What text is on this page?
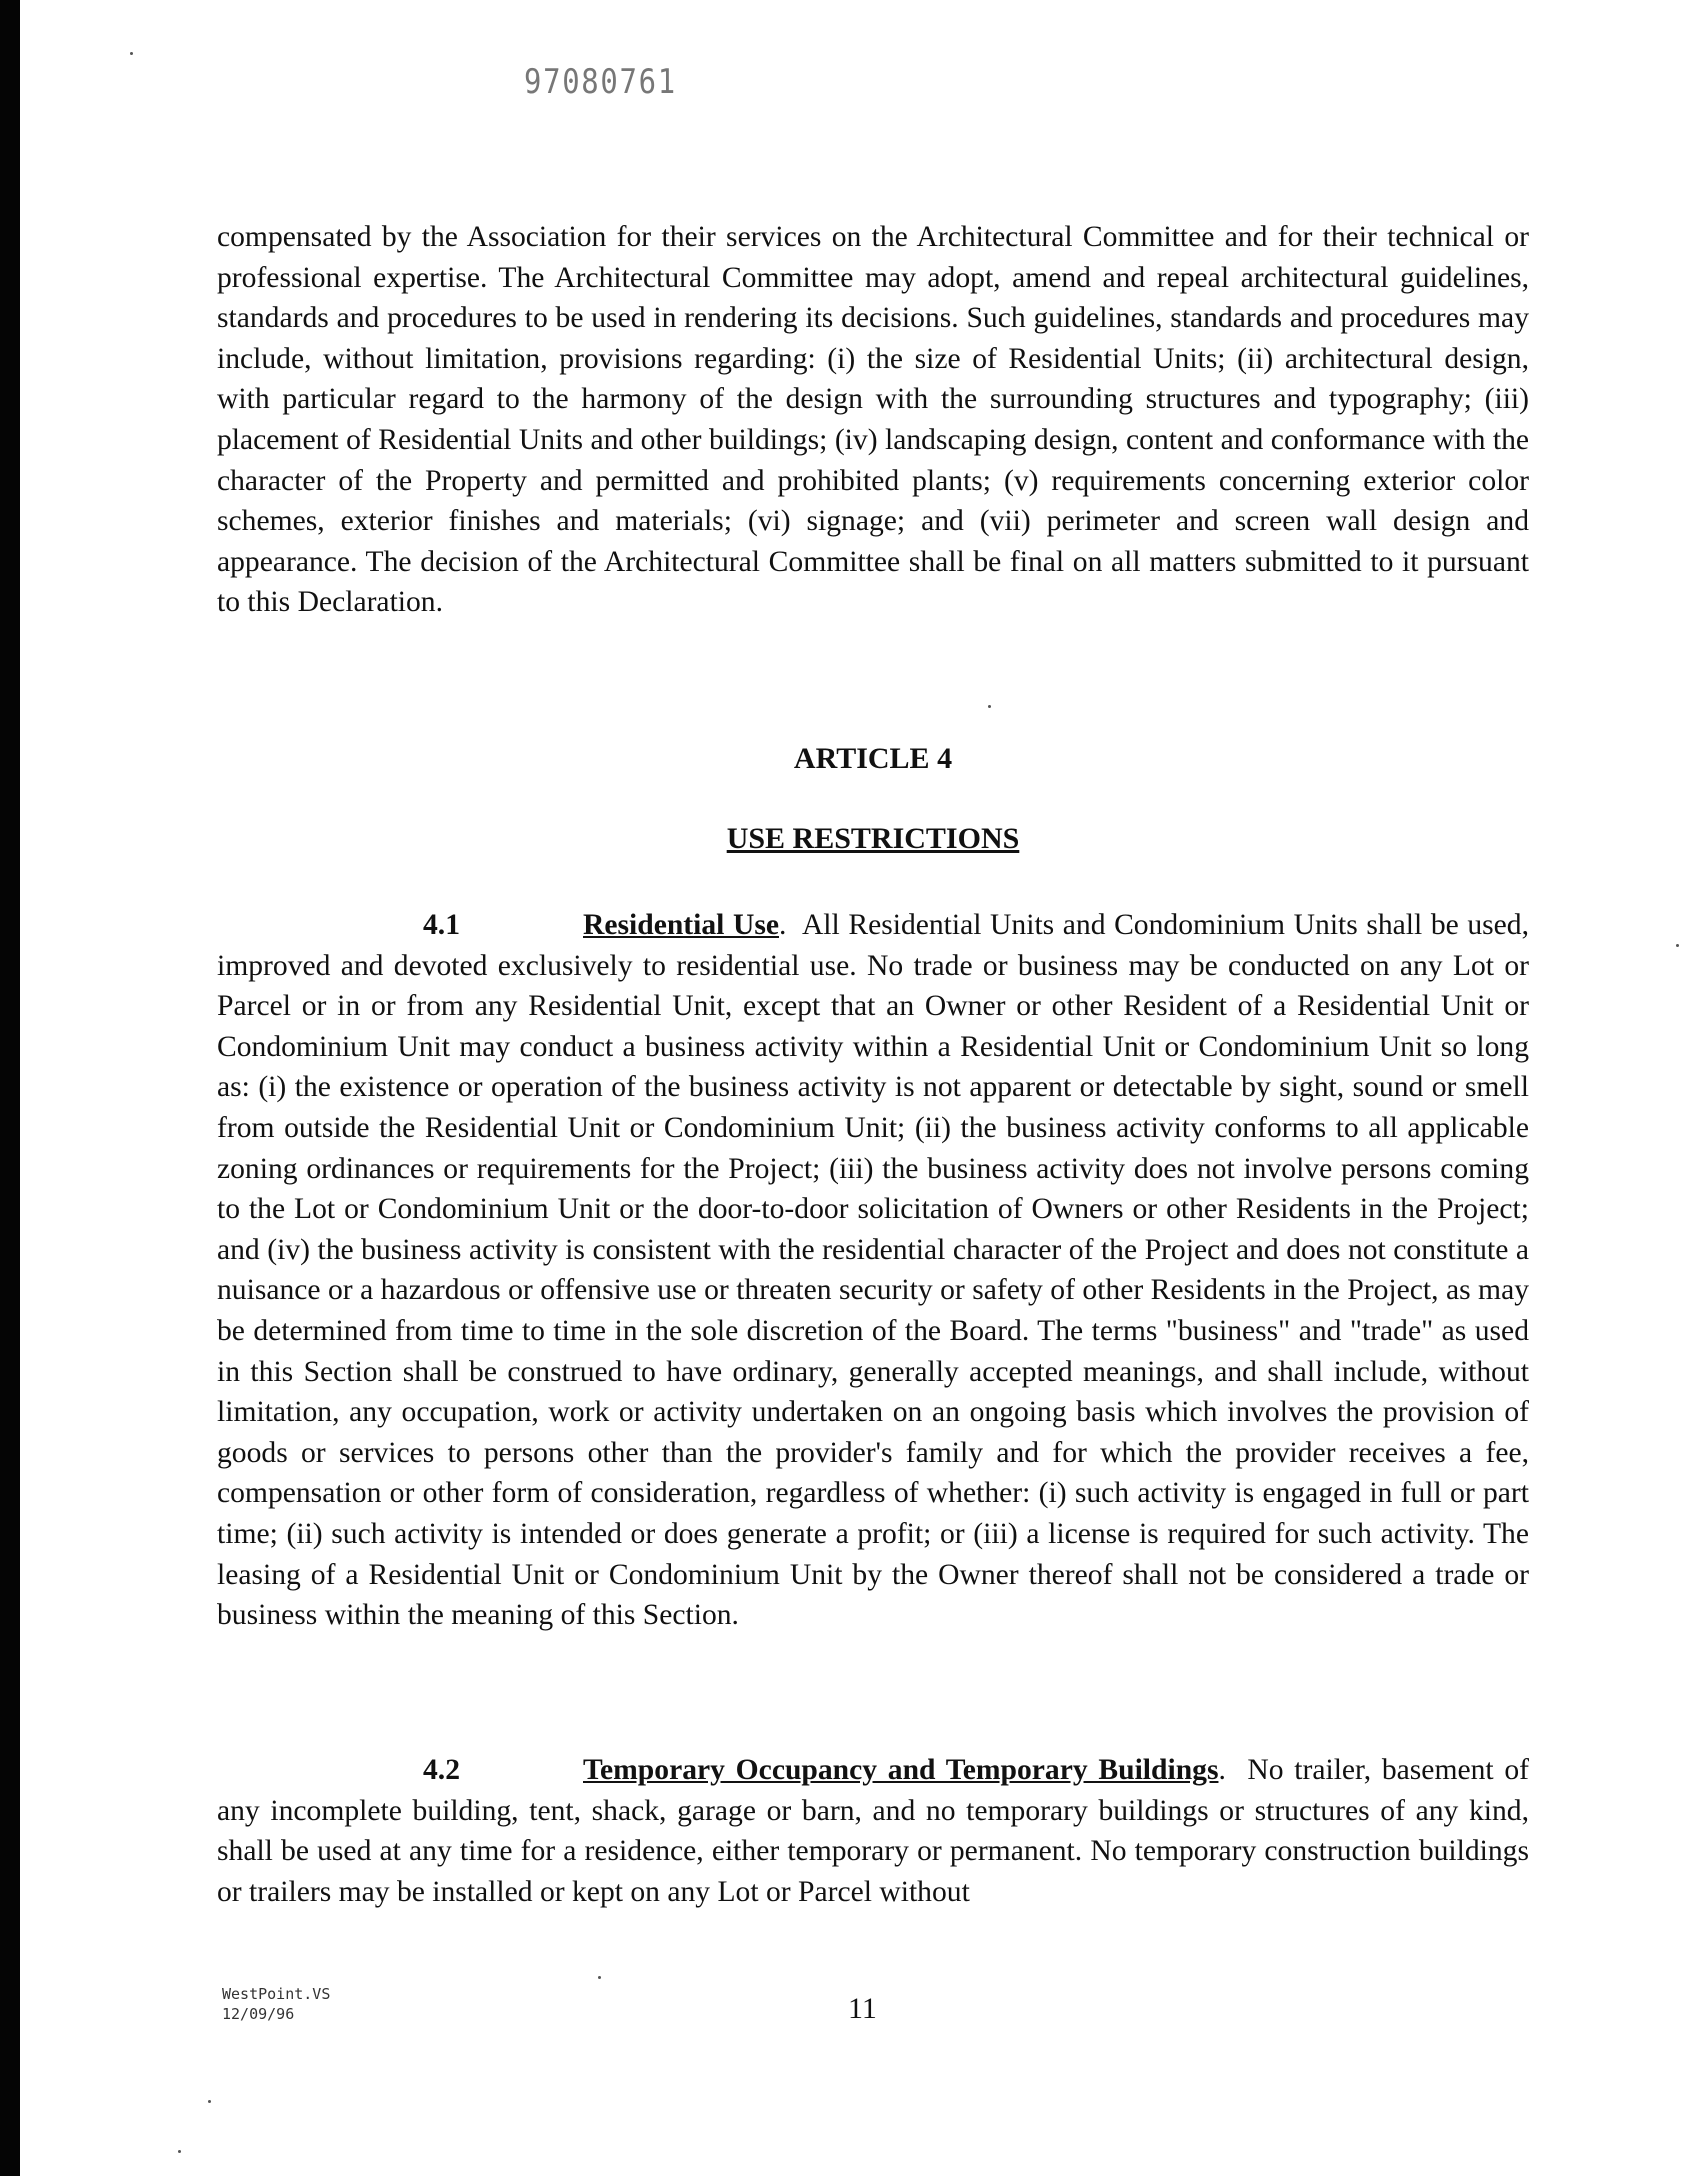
97080761

compensated by the Association for their services on the Architectural Committee and for their technical or professional expertise. The Architectural Committee may adopt, amend and repeal architectural guidelines, standards and procedures to be used in rendering its decisions. Such guidelines, standards and procedures may include, without limitation, provisions regarding: (i) the size of Residential Units; (ii) architectural design, with particular regard to the harmony of the design with the surrounding structures and typography; (iii) placement of Residential Units and other buildings; (iv) landscaping design, content and conformance with the character of the Property and permitted and prohibited plants; (v) requirements concerning exterior color schemes, exterior finishes and materials; (vi) signage; and (vii) perimeter and screen wall design and appearance. The decision of the Architectural Committee shall be final on all matters submitted to it pursuant to this Declaration.

ARTICLE 4
USE RESTRICTIONS

4.1	Residential Use. All Residential Units and Condominium Units shall be used, improved and devoted exclusively to residential use. No trade or business may be conducted on any Lot or Parcel or in or from any Residential Unit, except that an Owner or other Resident of a Residential Unit or Condominium Unit may conduct a business activity within a Residential Unit or Condominium Unit so long as: (i) the existence or operation of the business activity is not apparent or detectable by sight, sound or smell from outside the Residential Unit or Condominium Unit; (ii) the business activity conforms to all applicable zoning ordinances or requirements for the Project; (iii) the business activity does not involve persons coming to the Lot or Condominium Unit or the door-to-door solicitation of Owners or other Residents in the Project; and (iv) the business activity is consistent with the residential character of the Project and does not constitute a nuisance or a hazardous or offensive use or threaten security or safety of other Residents in the Project, as may be determined from time to time in the sole discretion of the Board. The terms "business" and "trade" as used in this Section shall be construed to have ordinary, generally accepted meanings, and shall include, without limitation, any occupation, work or activity undertaken on an ongoing basis which involves the provision of goods or services to persons other than the provider's family and for which the provider receives a fee, compensation or other form of consideration, regardless of whether: (i) such activity is engaged in full or part time; (ii) such activity is intended or does generate a profit; or (iii) a license is required for such activity. The leasing of a Residential Unit or Condominium Unit by the Owner thereof shall not be considered a trade or business within the meaning of this Section.

4.2	Temporary Occupancy and Temporary Buildings. No trailer, basement of any incomplete building, tent, shack, garage or barn, and no temporary buildings or structures of any kind, shall be used at any time for a residence, either temporary or permanent. No temporary construction buildings or trailers may be installed or kept on any Lot or Parcel without

WestPoint.VS
12/09/96	11
